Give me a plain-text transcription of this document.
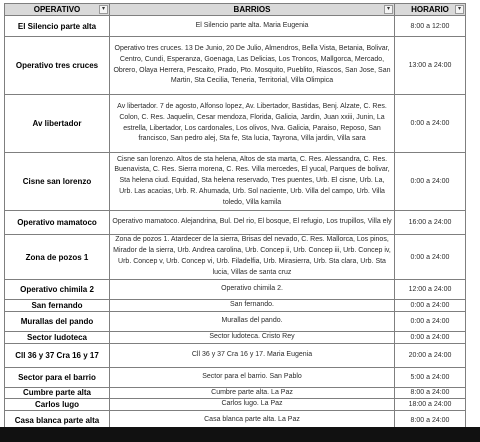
OPERATIVO ▾	BARRIOS ▾	HORARIO ▾

El Silencio parte alta	El Silencio parte alta. Maria Eugenia	8:00 a 12:00
Operativo tres cruces	Operativo tres cruces. 13 De Junio, 20 De Julio, Almendros, Bella Vista, Betania, Bolivar, Centro, Cundi, Esperanza, Goenaga, Las Delicias, Los Troncos, Mallgorca, Mercado, Obrero, Olaya Herrera, Pescaito, Prado, Pto. Mosquito, Pueblito, Riascos, San Jose, San Martin, Sta Cecilia, Teneria, Territorial, Villa Olimpica	13:00 a 24:00
Av libertador	Av libertador. 7 de agosto, Alfonso lopez, Av. Libertador, Bastidas, Benj. Alzate, C. Res. Colon, C. Res. Jaquelin, Cesar mendoza, Florida, Galicia, Jardin, Juan xxiii, Junin, La estrella, Libertador, Los cardonales, Los olivos, Nva. Galicia, Paraiso, Reposo, San francisco, San pedro alej, Sta fe, Sta lucia, Tayrona, Villa jardin, Villa sara	0:00 a 24:00
Cisne san lorenzo	Cisne san lorenzo. Altos de sta helena, Altos de sta marta, C. Res. Alessandra, C. Res. Buenavista, C. Res. Sierra morena, C. Res. Villa mercedes, El yucal, Parques de bolivar, Sta helena ciud. Equidad, Sta helena reservado, Tres puentes, Urb. El cisne, Urb. La, Urb. Las acacias, Urb. R. Ahumada, Urb. Sol naciente, Urb. Villa del campo, Urb. Villa toledo, Villa kamila	0:00 a 24:00
Operativo mamatoco	Operativo mamatoco. Alejandrina, Bul. Del rio, El bosque, El refugio, Los trupillos, Villa ely	16:00 a 24:00
Zona de pozos 1	Zona de pozos 1. Atardecer de la sierra, Brisas del nevado, C. Res. Mallorca, Los pinos, Mirador de la sierra, Urb. Andrea carolina, Urb. Concep ii, Urb. Concep iii, Urb. Concep iv, Urb. Concep v, Urb. Concep vi, Urb. Filadelfia, Urb. Mirasierra, Urb. Sta clara, Urb. Sta lucia, Villas de santa cruz	0:00 a 24:00
Operativo chimila 2	Operativo chimila 2.	12:00 a 24:00
San fernando	San fernando.	0:00 a 24:00
Murallas del pando	Murallas del pando.	0:00 a 24:00
Sector ludoteca	Sector ludoteca. Cristo Rey	0:00 a 24:00
Cll 36 y 37 Cra 16 y 17	Cll 36 y 37 Cra 16 y 17. Maria Eugenia	20:00 a 24:00
Sector para el barrio	Sector para el barrio. San Pablo	5:00 a 24:00
Cumbre parte alta	Cumbre parte alta. La Paz	8:00 a 24:00
Carlos lugo	Carlos lugo. La Paz	18:00 a 24:00
Casa blanca parte alta	Casa blanca parte alta. La Paz	8:00 a 24:00
